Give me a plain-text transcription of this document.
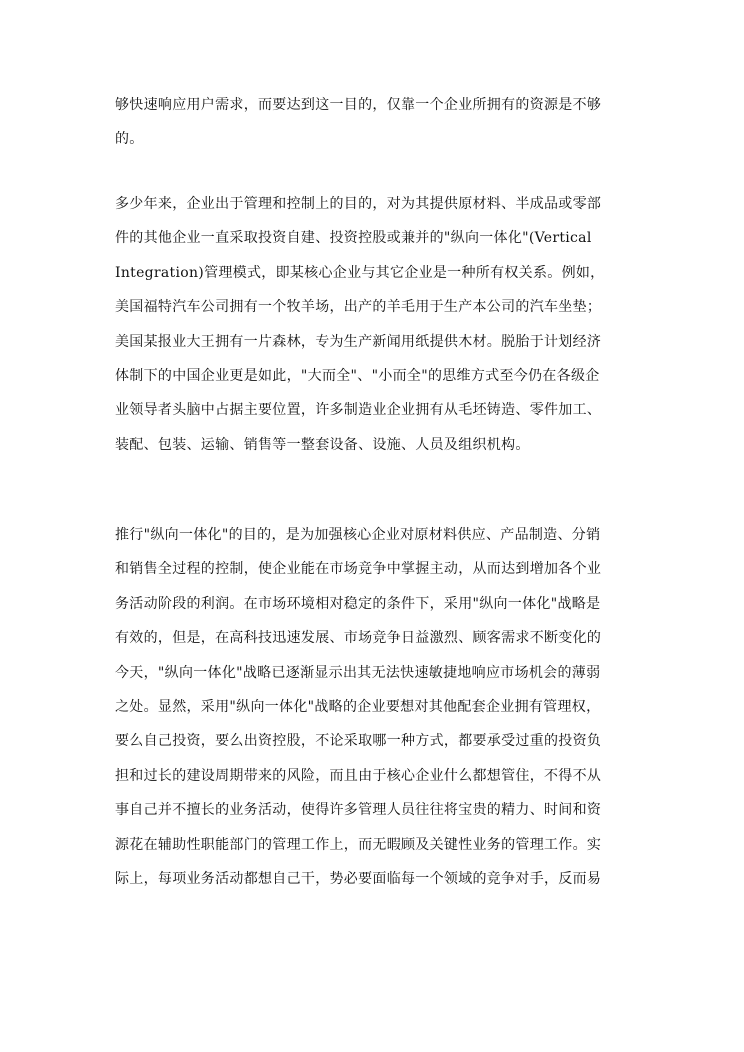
够快速响应用户需求，而要达到这一目的，仅靠一个企业所拥有的资源是不够
的。
多少年来，企业出于管理和控制上的目的，对为其提供原材料、半成品或零部
件的其他企业一直采取投资自建、投资控股或兼并的"纵向一体化"(Vertical
Integration)管理模式，即某核心企业与其它企业是一种所有权关系。例如，
美国福特汽车公司拥有一个牧羊场，出产的羊毛用于生产本公司的汽车坐垫；
美国某报业大王拥有一片森林，专为生产新闻用纸提供木材。脱胎于计划经济
体制下的中国企业更是如此，"大而全"、"小而全"的思维方式至今仍在各级企
业领导者头脑中占据主要位置，许多制造业企业拥有从毛坯铸造、零件加工、
装配、包装、运输、销售等一整套设备、设施、人员及组织机构。
推行"纵向一体化"的目的，是为加强核心企业对原材料供应、产品制造、分销
和销售全过程的控制，使企业能在市场竞争中掌握主动，从而达到增加各个业
务活动阶段的利润。在市场环境相对稳定的条件下，采用"纵向一体化"战略是
有效的，但是，在高科技迅速发展、市场竞争日益激烈、顾客需求不断变化的
今天，"纵向一体化"战略已逐渐显示出其无法快速敏捷地响应市场机会的薄弱
之处。显然，采用"纵向一体化"战略的企业要想对其他配套企业拥有管理权，
要么自己投资，要么出资控股，不论采取哪一种方式，都要承受过重的投资负
担和过长的建设周期带来的风险，而且由于核心企业什么都想管住，不得不从
事自己并不擅长的业务活动，使得许多管理人员往往将宝贵的精力、时间和资
源花在辅助性职能部门的管理工作上，而无暇顾及关键性业务的管理工作。实
际上，每项业务活动都想自己干，势必要面临每一个领域的竞争对手，反而易
